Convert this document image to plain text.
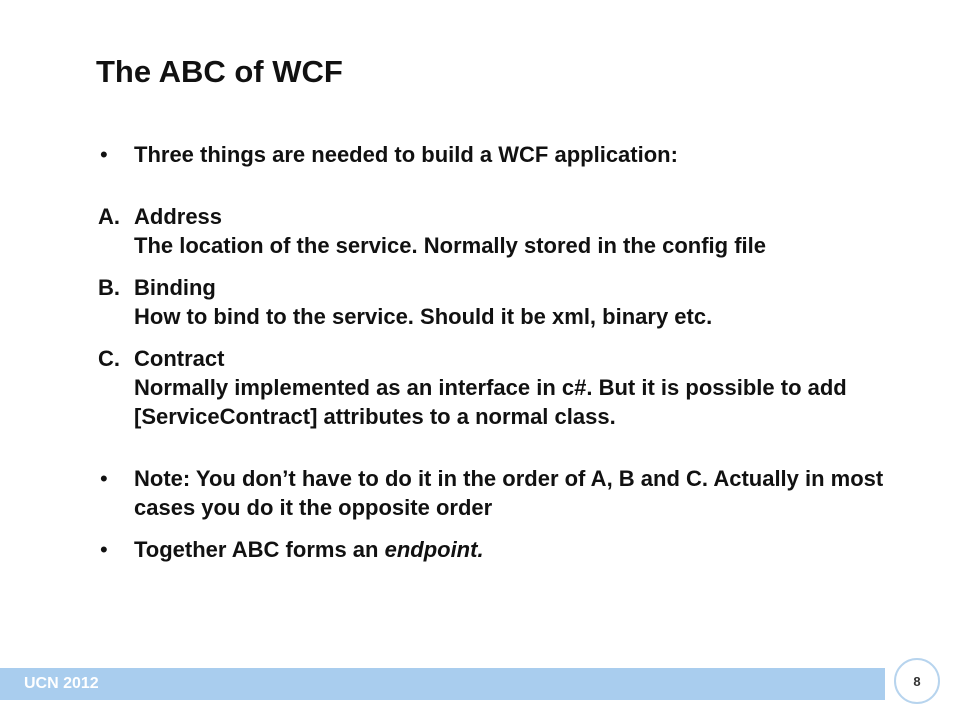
The ABC of WCF
• Three things are needed to build a WCF application:
A. Address
The location of the service. Normally stored in the config file
B. Binding
How to bind to the service. Should it be xml, binary etc.
C. Contract
Normally implemented as an interface in c#. But it is possible to add [ServiceContract] attributes to a normal class.
• Note: You don’t have to do it in the order of A, B and C. Actually in most cases you do it the opposite order
• Together ABC forms an endpoint.
UCN 2012	8
